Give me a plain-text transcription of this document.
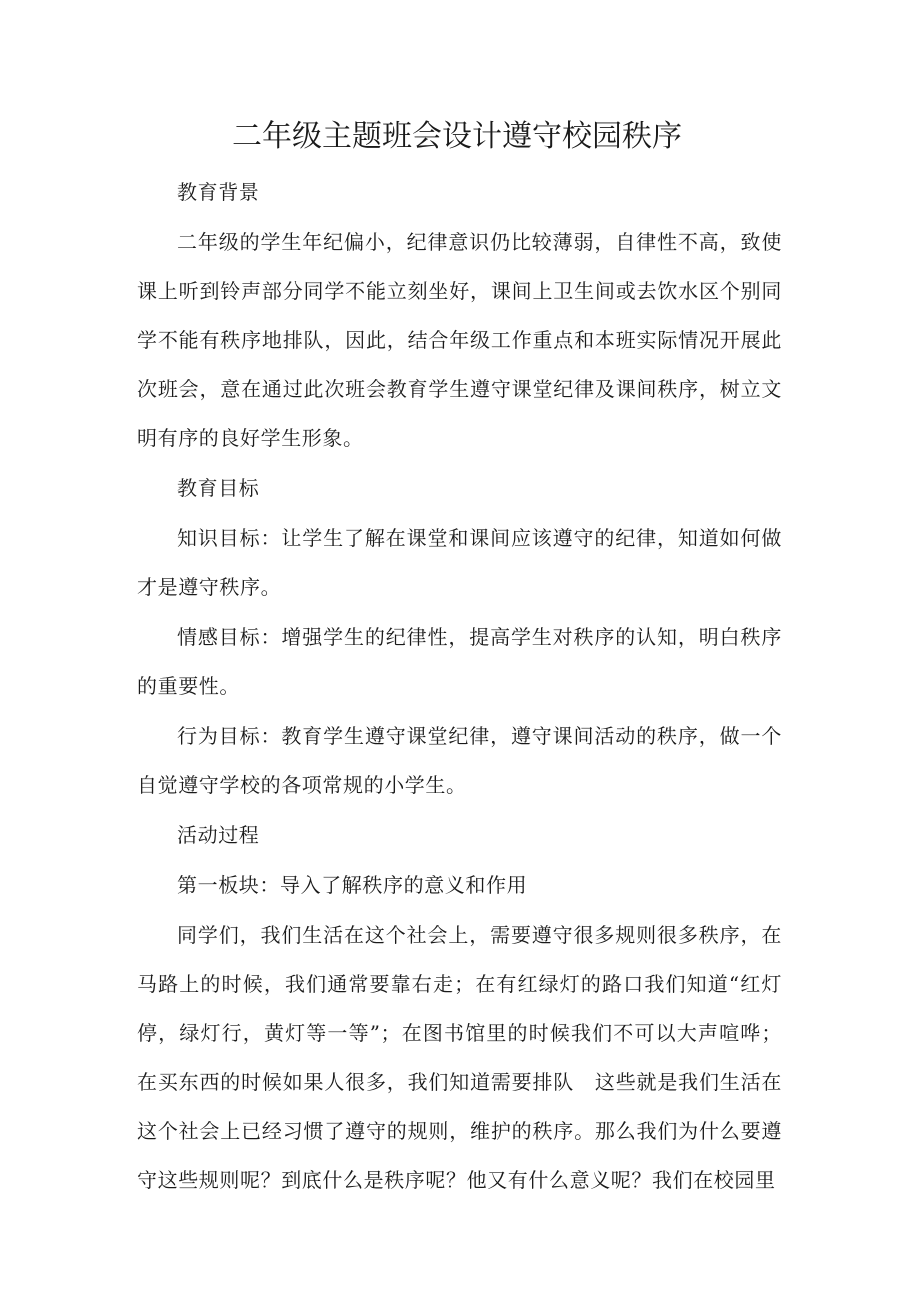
二年级主题班会设计遵守校园秩序

教育背景

二年级的学生年纪偏小，纪律意识仍比较薄弱，自律性不高，致使课上听到铃声部分同学不能立刻坐好，课间上卫生间或去饮水区个别同学不能有秩序地排队，因此，结合年级工作重点和本班实际情况开展此次班会，意在通过此次班会教育学生遵守课堂纪律及课间秩序，树立文明有序的良好学生形象。

教育目标

知识目标：让学生了解在课堂和课间应该遵守的纪律，知道如何做才是遵守秩序。

情感目标：增强学生的纪律性，提高学生对秩序的认知，明白秩序的重要性。

行为目标：教育学生遵守课堂纪律，遵守课间活动的秩序，做一个自觉遵守学校的各项常规的小学生。

活动过程

第一板块：导入了解秩序的意义和作用

同学们，我们生活在这个社会上，需要遵守很多规则很多秩序，在马路上的时候，我们通常要靠右走；在有红绿灯的路口我们知道“红灯停，绿灯行，黄灯等一等”；在图书馆里的时候我们不可以大声喧哗；在买东西的时候如果人很多，我们知道需要排队　这些就是我们生活在这个社会上已经习惯了遵守的规则，维护的秩序。那么我们为什么要遵守这些规则呢？到底什么是秩序呢？他又有什么意义呢？我们在校园里
